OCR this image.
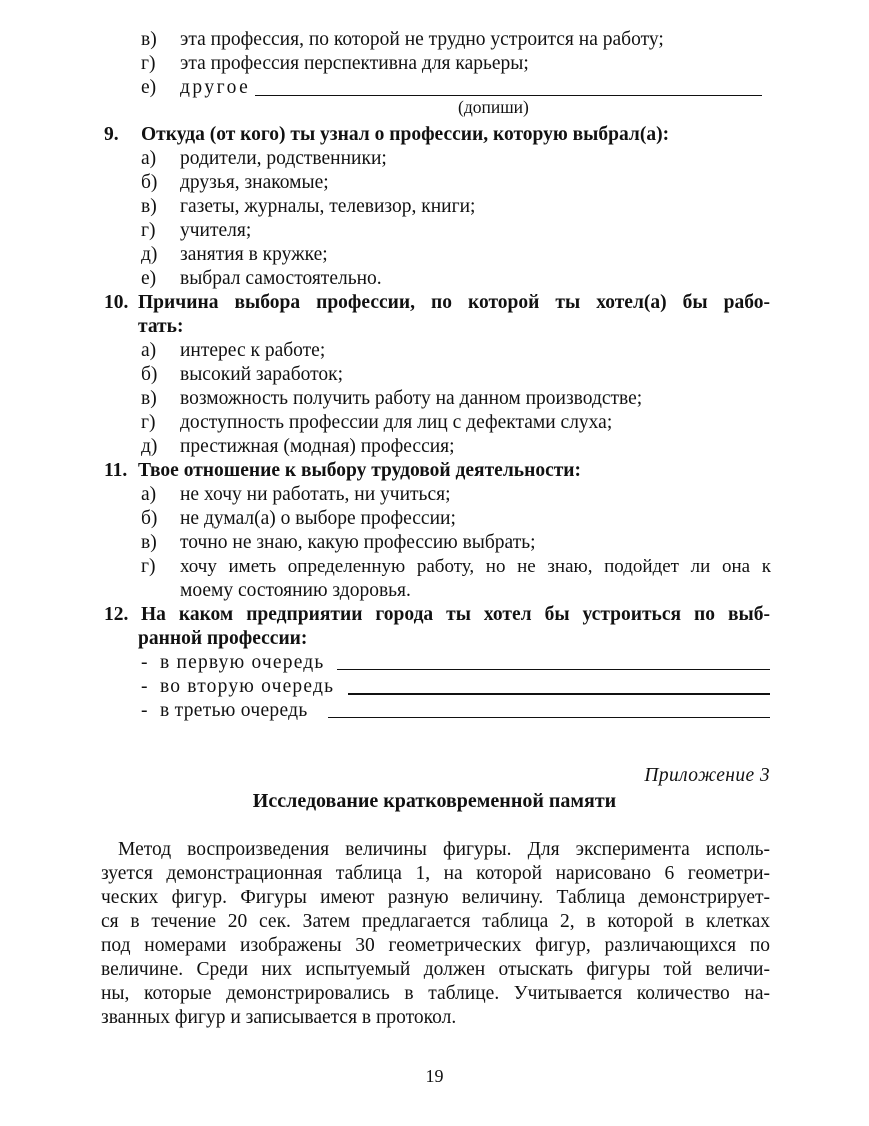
в) эта профессия, по которой не трудно устроится на работу;
г) эта профессия перспективна для карьеры;
е) другое
(допиши)
9. Откуда (от кого) ты узнал о профессии, которую выбрал(а):
а) родители, родственники;
б) друзья, знакомые;
в) газеты, журналы, телевизор, книги;
г) учителя;
д) занятия в кружке;
е) выбрал самостоятельно.
10. Причина выбора профессии, по которой ты хотел(а) бы рабо-
тать:
а) интерес к работе;
б) высокий заработок;
в) возможность получить работу на данном производстве;
г) доступность профессии для лиц с дефектами слуха;
д) престижная (модная) профессия;
11. Твое отношение к выбору трудовой деятельности:
а) не хочу ни работать, ни учиться;
б) не думал(а) о выборе профессии;
в) точно не знаю, какую профессию выбрать;
г) хочу иметь определенную работу, но не знаю, подойдет ли она к
моему состоянию здоровья.
12. На каком предприятии города ты хотел бы устроиться по выб-
ранной профессии:
- в первую очередь
- во вторую очередь
- в третью очередь
Приложение 3
Исследование кратковременной памяти
Метод воспроизведения величины фигуры. Для эксперимента исполь-
зуется демонстрационная таблица 1, на которой нарисовано 6 геометри-
ческих фигур. Фигуры имеют разную величину. Таблица демонстрирует-
ся в течение 20 сек. Затем предлагается таблица 2, в которой в клетках
под номерами изображены 30 геометрических фигур, различающихся по
величине. Среди них испытуемый должен отыскать фигуры той величи-
ны, которые демонстрировались в таблице. Учитывается количество на-
званных фигур и записывается в протокол.
19
